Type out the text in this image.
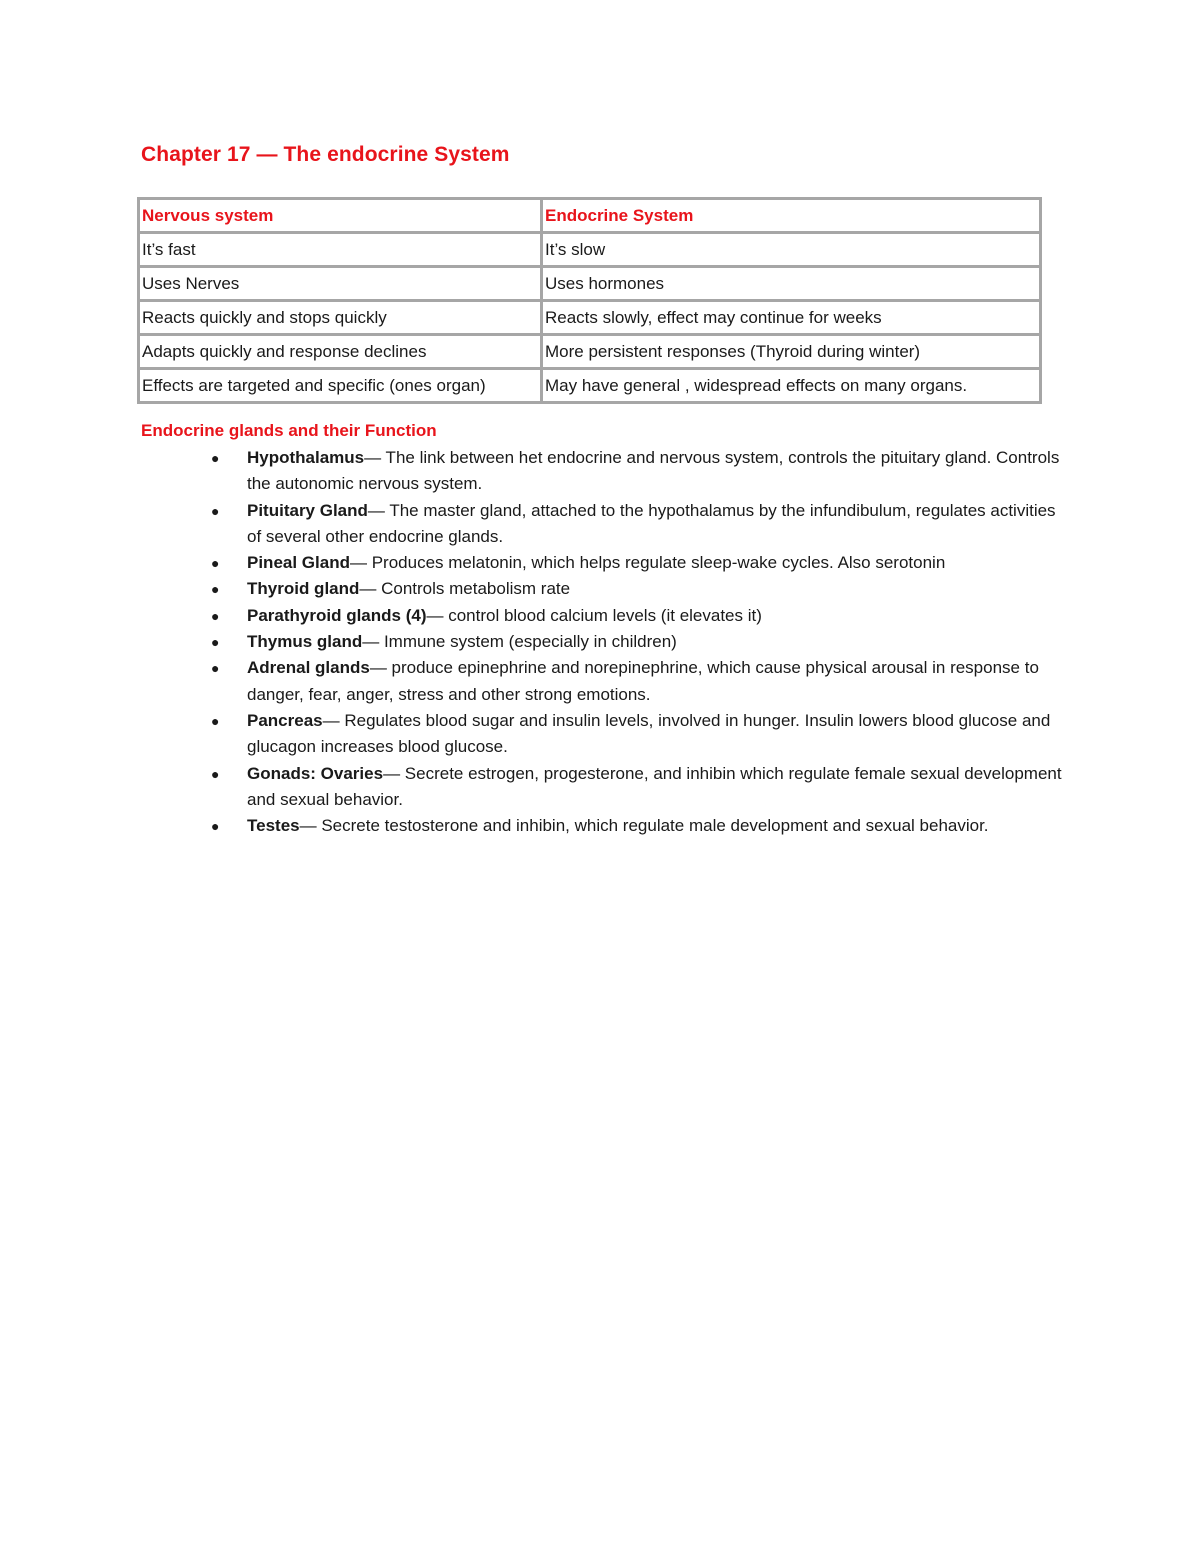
Chapter 17 — The endocrine System
Nervous system	Endocrine System
It’s fast	It’s slow
Uses Nerves	Uses hormones
Reacts quickly and stops quickly	Reacts slowly, effect may continue for weeks
Adapts quickly and response declines	More persistent responses (Thyroid during winter)
Effects are targeted and specific (ones organ)	May have general , widespread effects on many organs.
Endocrine glands and their Function
● Hypothalamus— The link between het endocrine and nervous system, controls the pituitary gland. Controls the autonomic nervous system.
● Pituitary Gland— The master gland, attached to the hypothalamus by the infundibulum, regulates activities of several other endocrine glands.
● Pineal Gland— Produces melatonin, which helps regulate sleep-wake cycles. Also serotonin
● Thyroid gland— Controls metabolism rate
● Parathyroid glands (4)— control blood calcium levels (it elevates it)
● Thymus gland— Immune system (especially in children)
● Adrenal glands— produce epinephrine and norepinephrine, which cause physical arousal in response to danger, fear, anger, stress and other strong emotions.
● Pancreas— Regulates blood sugar and insulin levels, involved in hunger. Insulin lowers blood glucose and glucagon increases blood glucose.
● Gonads: Ovaries— Secrete estrogen, progesterone, and inhibin which regulate female sexual development and sexual behavior.
● Testes— Secrete testosterone and inhibin, which regulate male development and sexual behavior.
